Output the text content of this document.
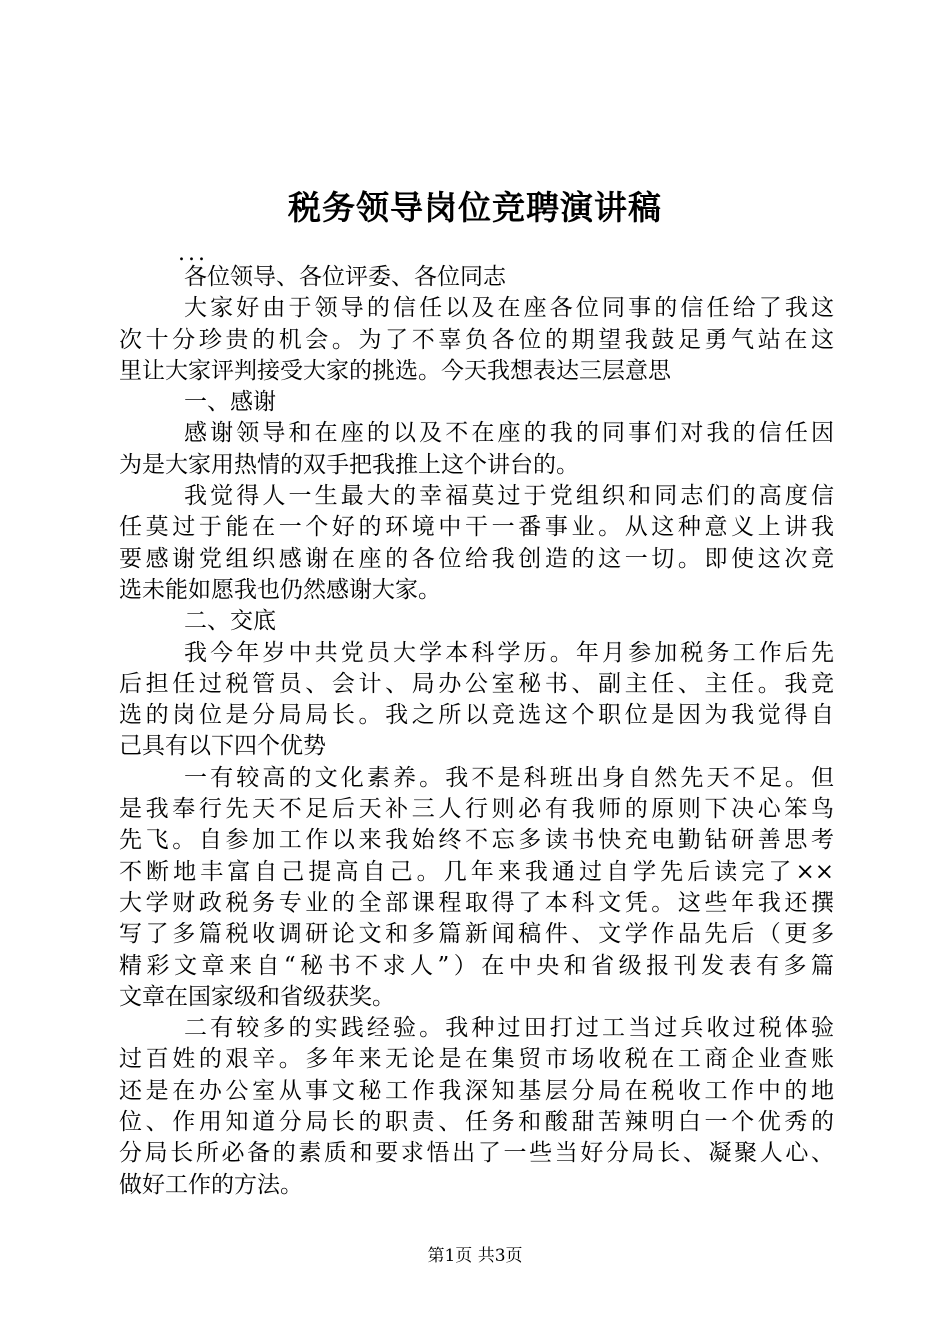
税务领导岗位竞聘演讲稿
...
各位领导、各位评委、各位同志
大家好由于领导的信任以及在座各位同事的信任给了我这
次十分珍贵的机会。为了不辜负各位的期望我鼓足勇气站在这
里让大家评判接受大家的挑选。今天我想表达三层意思
一、感谢
感谢领导和在座的以及不在座的我的同事们对我的信任因
为是大家用热情的双手把我推上这个讲台的。
我觉得人一生最大的幸福莫过于党组织和同志们的高度信
任莫过于能在一个好的环境中干一番事业。从这种意义上讲我
要感谢党组织感谢在座的各位给我创造的这一切。即使这次竞
选未能如愿我也仍然感谢大家。
二、交底
我今年岁中共党员大学本科学历。年月参加税务工作后先
后担任过税管员、会计、局办公室秘书、副主任、主任。我竞
选的岗位是分局局长。我之所以竞选这个职位是因为我觉得自
己具有以下四个优势
一有较高的文化素养。我不是科班出身自然先天不足。但
是我奉行先天不足后天补三人行则必有我师的原则下决心笨鸟
先飞。自参加工作以来我始终不忘多读书快充电勤钻研善思考
不断地丰富自己提高自己。几年来我通过自学先后读完了××
大学财政税务专业的全部课程取得了本科文凭。这些年我还撰
写了多篇税收调研论文和多篇新闻稿件、文学作品先后（更多
精彩文章来自“秘书不求人”）在中央和省级报刊发表有多篇
文章在国家级和省级获奖。
二有较多的实践经验。我种过田打过工当过兵收过税体验
过百姓的艰辛。多年来无论是在集贸市场收税在工商企业查账
还是在办公室从事文秘工作我深知基层分局在税收工作中的地
位、作用知道分局长的职责、任务和酸甜苦辣明白一个优秀的
分局长所必备的素质和要求悟出了一些当好分局长、凝聚人心、
做好工作的方法。
第1页 共3页
